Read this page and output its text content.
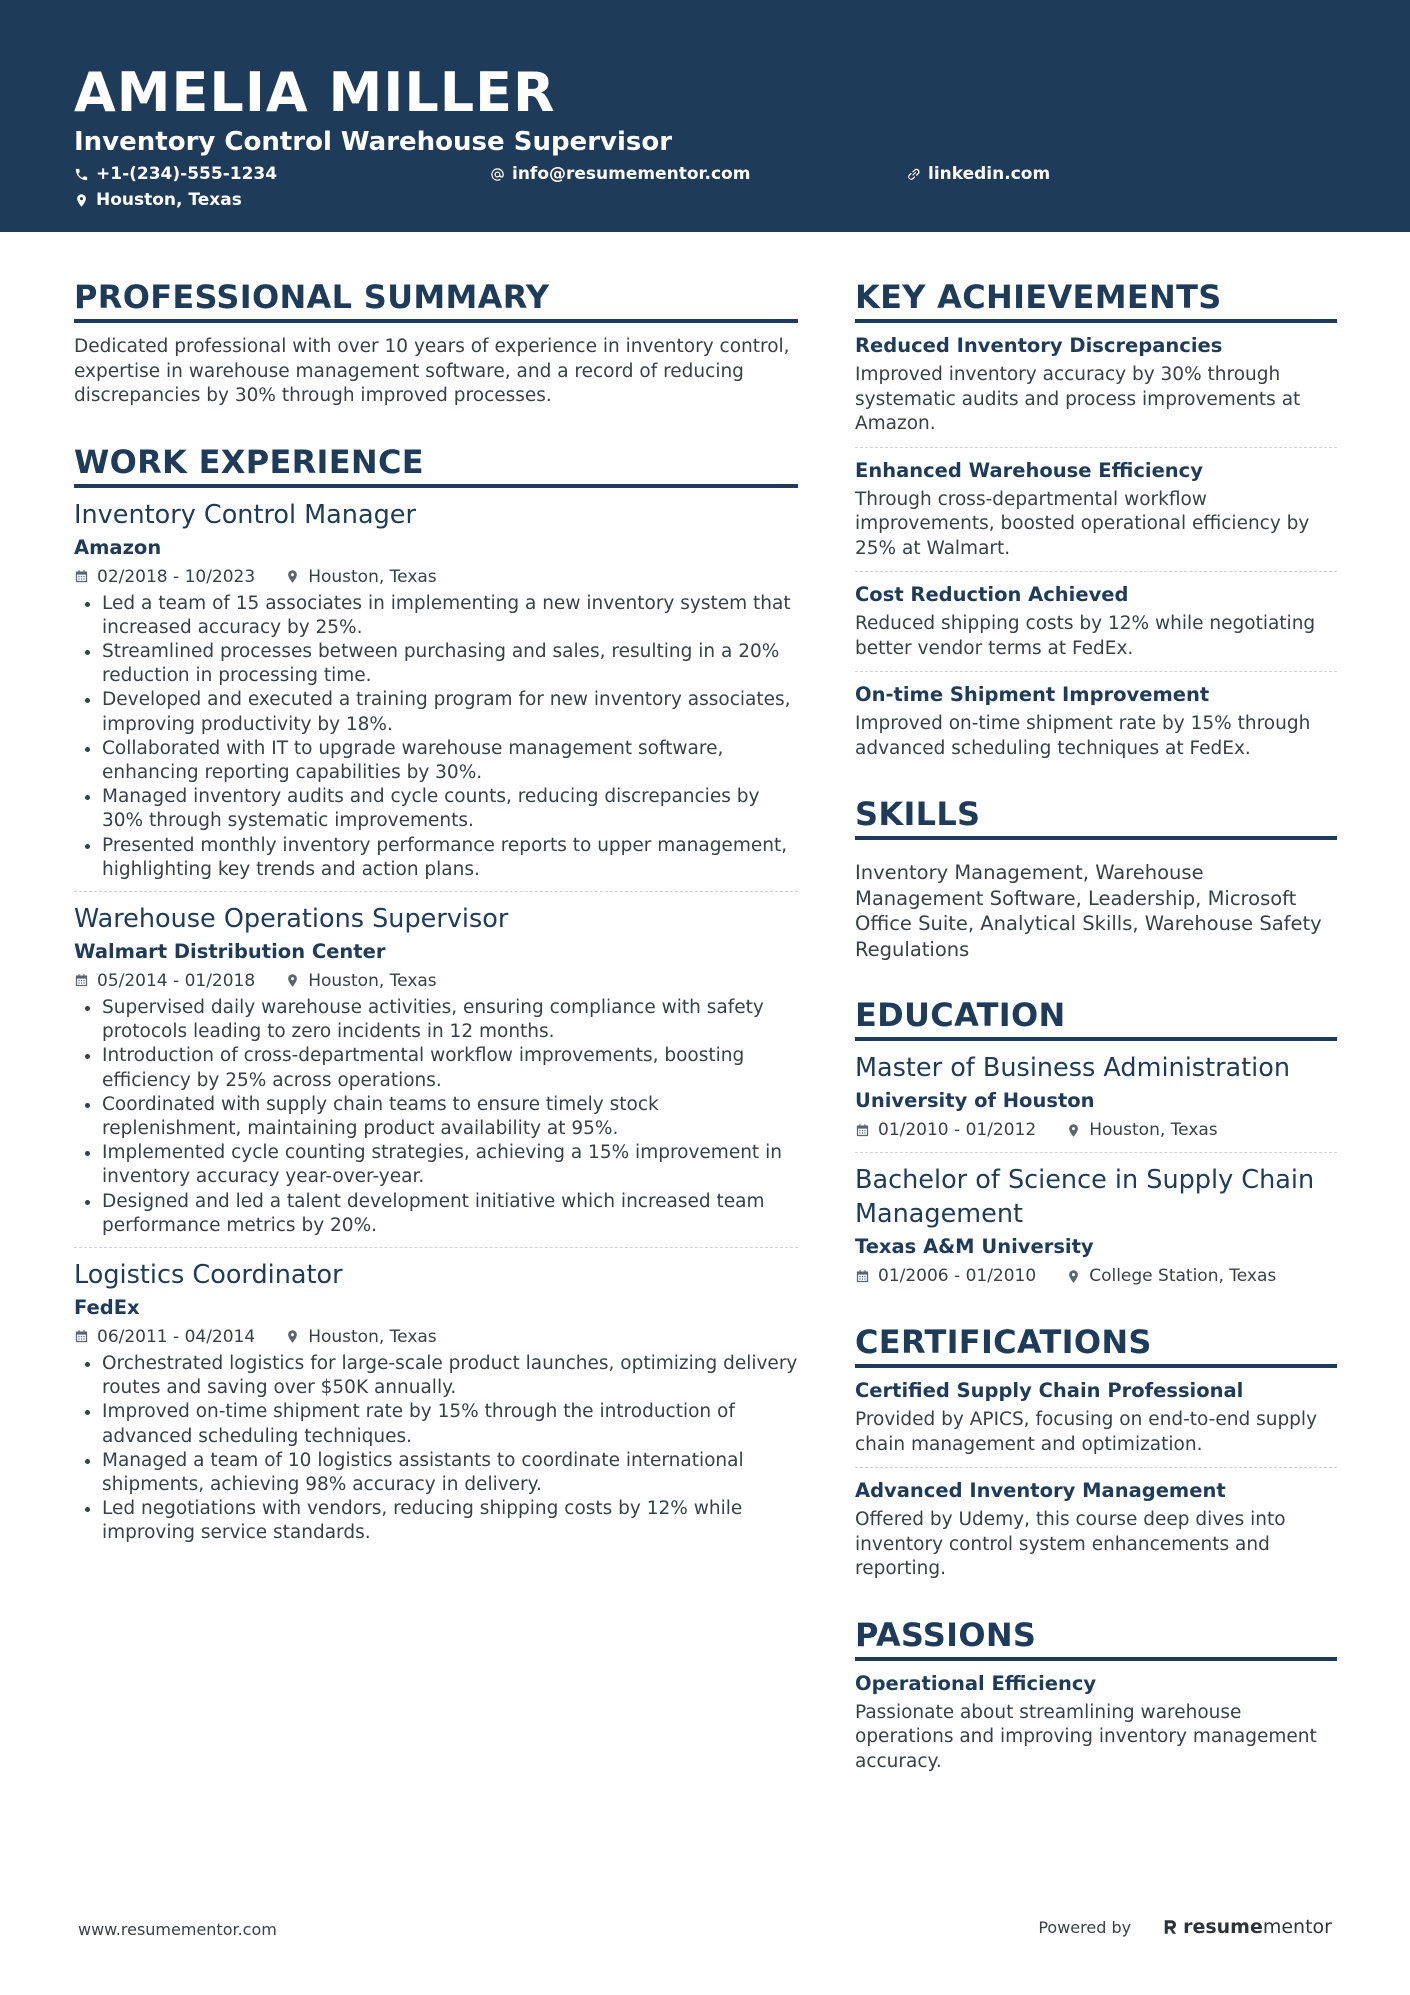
AMELIA MILLER
Inventory Control Warehouse Supervisor
+1-(234)-555-1234	info@resumementor.com	linkedin.com
Houston, Texas
PROFESSIONAL SUMMARY
Dedicated professional with over 10 years of experience in inventory control, expertise in warehouse management software, and a record of reducing discrepancies by 30% through improved processes.
WORK EXPERIENCE
Inventory Control Manager
Amazon
02/2018 - 10/2023	Houston, Texas
• Led a team of 15 associates in implementing a new inventory system that increased accuracy by 25%.
• Streamlined processes between purchasing and sales, resulting in a 20% reduction in processing time.
• Developed and executed a training program for new inventory associates, improving productivity by 18%.
• Collaborated with IT to upgrade warehouse management software, enhancing reporting capabilities by 30%.
• Managed inventory audits and cycle counts, reducing discrepancies by 30% through systematic improvements.
• Presented monthly inventory performance reports to upper management, highlighting key trends and action plans.
Warehouse Operations Supervisor
Walmart Distribution Center
05/2014 - 01/2018	Houston, Texas
• Supervised daily warehouse activities, ensuring compliance with safety protocols leading to zero incidents in 12 months.
• Introduction of cross-departmental workflow improvements, boosting efficiency by 25% across operations.
• Coordinated with supply chain teams to ensure timely stock replenishment, maintaining product availability at 95%.
• Implemented cycle counting strategies, achieving a 15% improvement in inventory accuracy year-over-year.
• Designed and led a talent development initiative which increased team performance metrics by 20%.
Logistics Coordinator
FedEx
06/2011 - 04/2014	Houston, Texas
• Orchestrated logistics for large-scale product launches, optimizing delivery routes and saving over $50K annually.
• Improved on-time shipment rate by 15% through the introduction of advanced scheduling techniques.
• Managed a team of 10 logistics assistants to coordinate international shipments, achieving 98% accuracy in delivery.
• Led negotiations with vendors, reducing shipping costs by 12% while improving service standards.
KEY ACHIEVEMENTS
Reduced Inventory Discrepancies
Improved inventory accuracy by 30% through systematic audits and process improvements at Amazon.
Enhanced Warehouse Efficiency
Through cross-departmental workflow improvements, boosted operational efficiency by 25% at Walmart.
Cost Reduction Achieved
Reduced shipping costs by 12% while negotiating better vendor terms at FedEx.
On-time Shipment Improvement
Improved on-time shipment rate by 15% through advanced scheduling techniques at FedEx.
SKILLS
Inventory Management, Warehouse Management Software, Leadership, Microsoft Office Suite, Analytical Skills, Warehouse Safety Regulations
EDUCATION
Master of Business Administration
University of Houston
01/2010 - 01/2012	Houston, Texas
Bachelor of Science in Supply Chain Management
Texas A&M University
01/2006 - 01/2010	College Station, Texas
CERTIFICATIONS
Certified Supply Chain Professional
Provided by APICS, focusing on end-to-end supply chain management and optimization.
Advanced Inventory Management
Offered by Udemy, this course deep dives into inventory control system enhancements and reporting.
PASSIONS
Operational Efficiency
Passionate about streamlining warehouse operations and improving inventory management accuracy.
www.resumementor.com	Powered by	resume mentor
